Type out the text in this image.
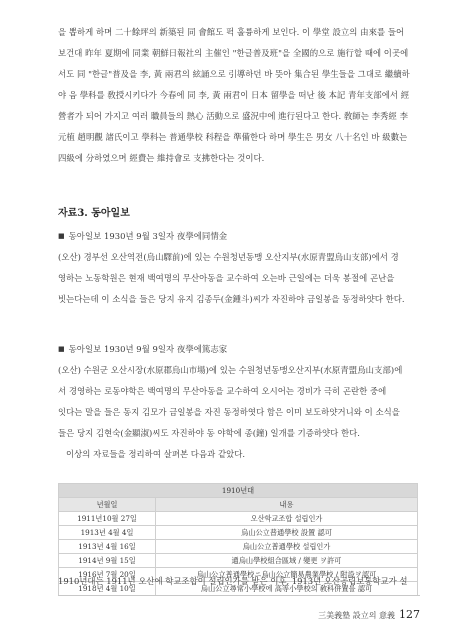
을 뽑하게 하며 二十餘坪의 新築된 同 會館도 퍽 훌륭하게 보인다. 이 學堂 設立의 由來를 들어

보건대 昨年 夏期에 同業 朝鮮日報社의 主催인 "한글普及班"을 全國的으로 施行할 때에 이곳에

서도 同 "한글"普及을 李, 黃 兩君의 絃誦으로 引導하던 바 뜻아 集合된 學生들을 그대로 繼續하

야 음 學科를 敎授시키다가 今春에 同 李, 黃 兩君이 日本 留學을 떠난 後 本記 青年支部에서 經

營者가 되어 가지고 여러 職員들의 熱心 活動으로 盛況中에 進行된다고 한다. 敎師는 李秀經 李

元植 趙明觀 諸氏이고 學科는 普通學校 科程을 準備한다 하며 學生은 男女 八十名인 바 級數는

四級에 分하였으며 經費는 維持會로 支拂한다는 것이다.

자료3. 동아일보

■ 동아일보 1930년 9월 3일자 夜學에同情金

(오산) 경부선 오산역전(烏山驛前)에 있는 수원청년동맹 오산지부(水原青盟烏山支部)에서 경

영하는 노동학원은 현재 백여명의 무산아동을 교수하여 오는바 근일에는 더욱 봉절에 곤난을

빗는다는데 이 소식을 들은 당지 유지 김종두(金鍾斗)씨가 자진하야 금일봉을 동정하얏다 한다.

■ 동아일보 1930년 9월 9일자 夜學에篤志家

(오산) 수원군 오산시장(水原郡烏山市場)에 있는 수원청년동맹오산지부(水原青盟烏山支部)에

서 경영하는 로동야학은 백여명의 무산아동을 교수하여 오시어는 경비가 극히 곤란한 중에

잇다는 말을 들은 동지 김모가 금일봉을 자진 동정하엿다 함은 이미 보도하얏거니와 이 소식을

들은 당지 김현숙(金顯淑)씨도 자진하야 동 야학에 종(鐘) 일개를 기증하얏다 한다.

이상의 자료들을 정리하여 살펴본 다음과 같았다.

1910년대	
년월일	내용
1911년10월 27일	오산학교조합 설립인가
1913년 4월 4일	烏山公立普通學校 設置 認可
1913년 4월 16일	烏山公立普通學校 설립인가
1914년 9월 15일	通烏山學校組合區域 / 變更 ヲ許可
1916년 7월 20일	烏山公立普通學校ニ烏山公立簡易農業學校 / 附設ヲ認可
1918년 4월 10일	烏山公立尋常小學校에 高等小學校의 敎科併置를 認可

1910년대는 1911년 오산에 학교조합이 설립인가를 받은 이후, 1913년 오산공립보통학교가 설

三美義塾 設立의 意義 127
